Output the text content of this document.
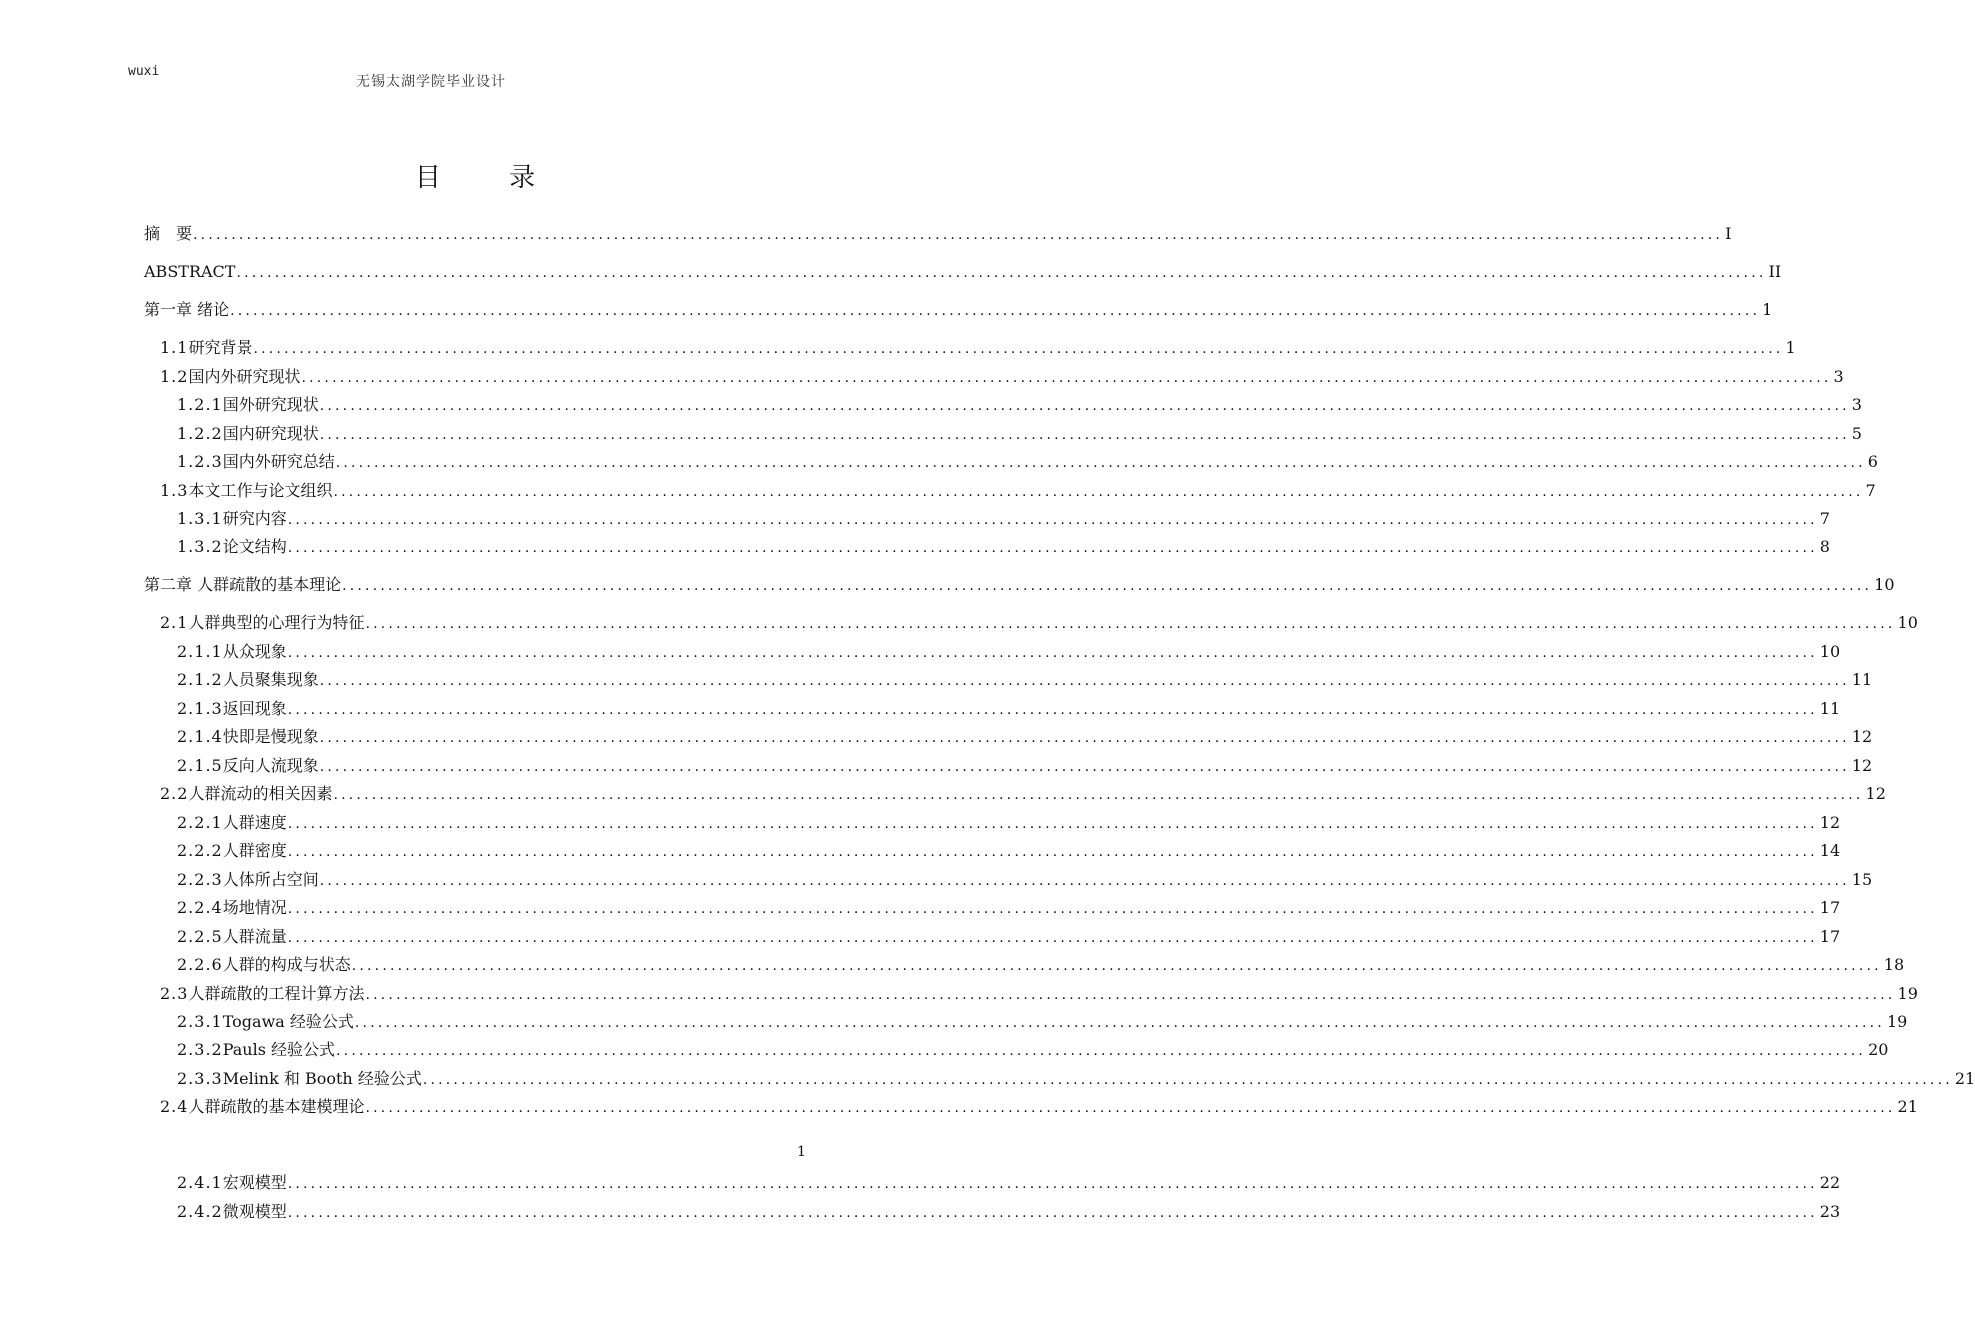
wuxi
无锡太湖学院毕业设计
目 录
摘　要 ........................................................................................................................................................................................................ I
ABSTRACT ........................................................................................................................................................................................................ II
第一章 绪论 ........................................................................................................................................................................................................ 1
1.1 研究背景 ........................................................................................................................................................................................................ 1
1.2 国内外研究现状 ........................................................................................................................................................................................................ 3
1.2.1 国外研究现状 ........................................................................................................................................................................................................ 3
1.2.2 国内研究现状 ........................................................................................................................................................................................................ 5
1.2.3 国内外研究总结 ........................................................................................................................................................................................................ 6
1.3 本文工作与论文组织 ........................................................................................................................................................................................................ 7
1.3.1 研究内容 ........................................................................................................................................................................................................ 7
1.3.2 论文结构 ........................................................................................................................................................................................................ 8
第二章 人群疏散的基本理论 ........................................................................................................................................................................................................ 10
2.1 人群典型的心理行为特征 ........................................................................................................................................................................................................ 10
2.1.1 从众现象 ........................................................................................................................................................................................................ 10
2.1.2 人员聚集现象 ........................................................................................................................................................................................................ 11
2.1.3 返回现象 ........................................................................................................................................................................................................ 11
2.1.4 快即是慢现象 ........................................................................................................................................................................................................ 12
2.1.5 反向人流现象 ........................................................................................................................................................................................................ 12
2.2 人群流动的相关因素 ........................................................................................................................................................................................................ 12
2.2.1 人群速度 ........................................................................................................................................................................................................ 12
2.2.2 人群密度 ........................................................................................................................................................................................................ 14
2.2.3 人体所占空间 ........................................................................................................................................................................................................ 15
2.2.4 场地情况 ........................................................................................................................................................................................................ 17
2.2.5 人群流量 ........................................................................................................................................................................................................ 17
2.2.6 人群的构成与状态 ........................................................................................................................................................................................................ 18
2.3 人群疏散的工程计算方法 ........................................................................................................................................................................................................ 19
2.3.1 Togawa 经验公式 ........................................................................................................................................................................................................ 19
2.3.2 Pauls 经验公式 ........................................................................................................................................................................................................ 20
2.3.3 Melink 和 Booth 经验公式 ........................................................................................................................................................................................................ 21
2.4 人群疏散的基本建模理论 ........................................................................................................................................................................................................ 21
2.4.1 宏观模型 ........................................................................................................................................................................................................ 22
2.4.2 微观模型 ........................................................................................................................................................................................................ 23
1
